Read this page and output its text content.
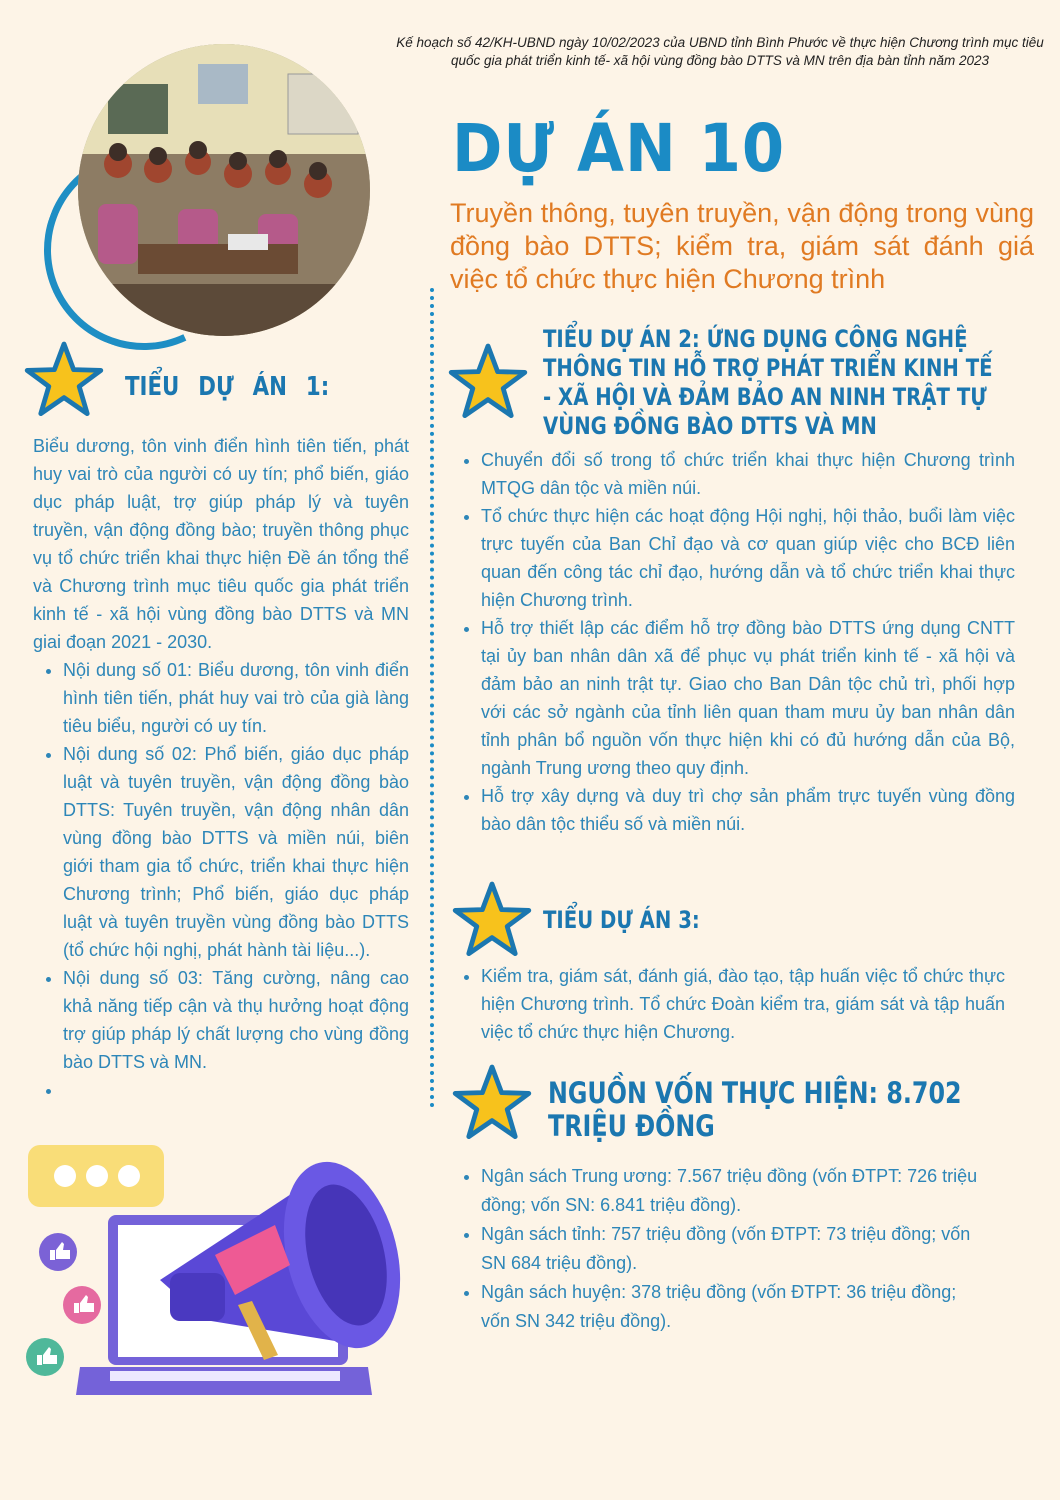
Kế hoạch số 42/KH-UBND ngày 10/02/2023 của UBND tỉnh Bình Phước về thực hiện Chương trình mục tiêu quốc gia phát triển kinh tế- xã hội vùng đồng bào DTTS và MN trên địa bàn tỉnh năm 2023
DỰ ÁN 10
Truyền thông, tuyên truyền, vận động trong vùng đồng bào DTTS; kiểm tra, giám sát đánh giá việc tổ chức thực hiện Chương trình
TIỂU DỰ ÁN 1:
Biểu dương, tôn vinh điển hình tiên tiến, phát huy vai trò của người có uy tín; phổ biến, giáo dục pháp luật, trợ giúp pháp lý và tuyên truyền, vận động đồng bào; truyền thông phục vụ tổ chức triển khai thực hiện Đề án tổng thể và Chương trình mục tiêu quốc gia phát triển kinh tế - xã hội vùng đồng bào DTTS và MN giai đoạn 2021 - 2030.
• Nội dung số 01: Biểu dương, tôn vinh điển hình tiên tiến, phát huy vai trò của già làng tiêu biểu, người có uy tín.
• Nội dung số 02: Phổ biến, giáo dục pháp luật và tuyên truyền, vận động đồng bào DTTS: Tuyên truyền, vận động nhân dân vùng đồng bào DTTS và miền núi, biên giới tham gia tổ chức, triển khai thực hiện Chương trình; Phổ biến, giáo dục pháp luật và tuyên truyền vùng đồng bào DTTS (tổ chức hội nghị, phát hành tài liệu...).
• Nội dung số 03: Tăng cường, nâng cao khả năng tiếp cận và thụ hưởng hoạt động trợ giúp pháp lý chất lượng cho vùng đồng bào DTTS và MN.
•
TIỂU DỰ ÁN 2: ỨNG DỤNG CÔNG NGHỆ THÔNG TIN HỖ TRỢ PHÁT TRIỂN KINH TẾ - XÃ HỘI VÀ ĐẢM BẢO AN NINH TRẬT TỰ VÙNG ĐỒNG BÀO DTTS VÀ MN
• Chuyển đổi số trong tổ chức triển khai thực hiện Chương trình MTQG dân tộc và miền núi.
• Tổ chức thực hiện các hoạt động Hội nghị, hội thảo, buổi làm việc trực tuyến của Ban Chỉ đạo và cơ quan giúp việc cho BCĐ liên quan đến công tác chỉ đạo, hướng dẫn và tổ chức triển khai thực hiện Chương trình.
• Hỗ trợ thiết lập các điểm hỗ trợ đồng bào DTTS ứng dụng CNTT tại ủy ban nhân dân xã để phục vụ phát triển kinh tế - xã hội và đảm bảo an ninh trật tự. Giao cho Ban Dân tộc chủ trì, phối hợp với các sở ngành của tỉnh liên quan tham mưu ủy ban nhân dân tỉnh phân bổ nguồn vốn thực hiện khi có đủ hướng dẫn của Bộ, ngành Trung ương theo quy định.
• Hỗ trợ xây dựng và duy trì chợ sản phẩm trực tuyến vùng đồng bào dân tộc thiểu số và miền núi.
TIỂU DỰ ÁN 3:
• Kiểm tra, giám sát, đánh giá, đào tạo, tập huấn việc tổ chức thực hiện Chương trình. Tổ chức Đoàn kiểm tra, giám sát và tập huấn việc tổ chức thực hiện Chương.
NGUỒN VỐN THỰC HIỆN: 8.702 TRIỆU ĐỒNG
• Ngân sách Trung ương: 7.567 triệu đồng (vốn ĐTPT: 726 triệu đồng; vốn SN: 6.841 triệu đồng).
• Ngân sách tỉnh: 757 triệu đồng (vốn ĐTPT: 73 triệu đồng; vốn SN 684 triệu đồng).
• Ngân sách huyện: 378 triệu đồng (vốn ĐTPT: 36 triệu đồng; vốn SN 342 triệu đồng).
